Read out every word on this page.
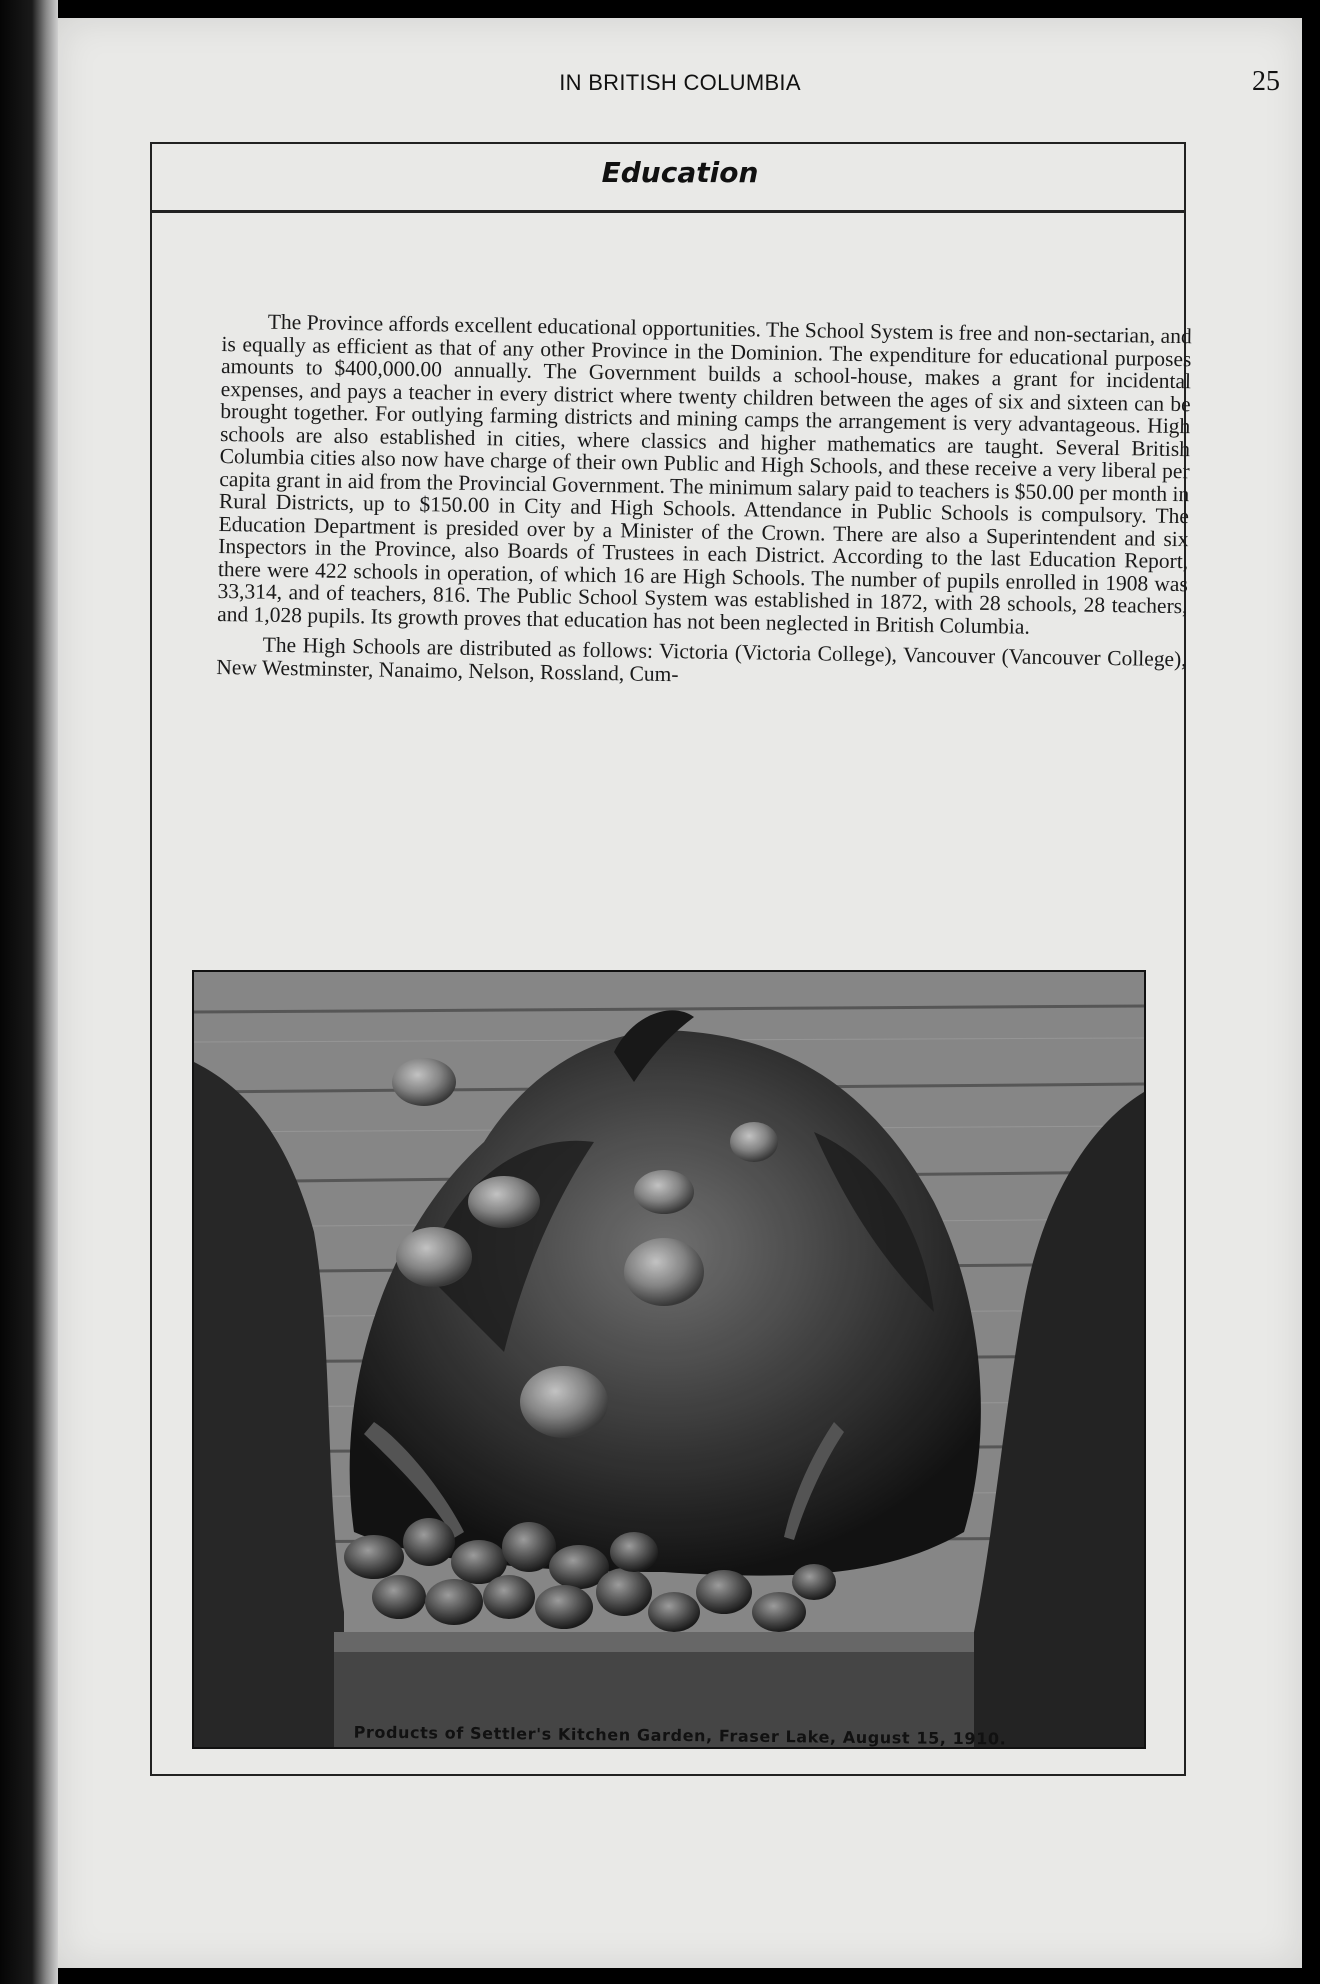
IN BRITISH COLUMBIA	25
Education

The Province affords excellent educational opportunities. The School System is free and non-sectarian, and is equally as efficient as that of any other Province in the Dominion. The expenditure for educational purposes amounts to $400,000.00 annually. The Government builds a school-house, makes a grant for incidental expenses, and pays a teacher in every district where twenty children between the ages of six and sixteen can be brought together. For outlying farming districts and mining camps the arrangement is very advantageous. High schools are also established in cities, where classics and higher mathematics are taught. Several British Columbia cities also now have charge of their own Public and High Schools, and these receive a very liberal per capita grant in aid from the Provincial Government. The minimum salary paid to teachers is $50.00 per month in Rural Districts, up to $150.00 in City and High Schools. Attendance in Public Schools is compulsory. The Education Department is presided over by a Minister of the Crown. There are also a Superintendent and six Inspectors in the Province, also Boards of Trustees in each District. According to the last Education Report, there were 422 schools in operation, of which 16 are High Schools. The number of pupils enrolled in 1908 was 33,314, and of teachers, 816. The Public School System was established in 1872, with 28 schools, 28 teachers, and 1,028 pupils. Its growth proves that education has not been neglected in British Columbia.

The High Schools are distributed as follows: Victoria (Victoria College), Vancouver (Vancouver College), New Westminster, Nanaimo, Nelson, Rossland, Cum-

Products of Settler's Kitchen Garden, Fraser Lake, August 15, 1910.
